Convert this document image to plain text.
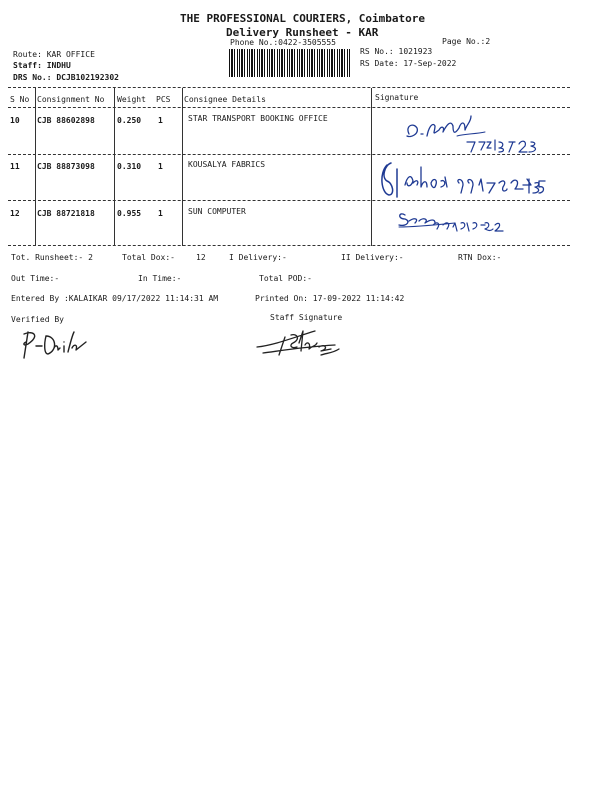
THE PROFESSIONAL COURIERS, Coimbatore
Delivery Runsheet - KAR
Phone No.:0422-3505555	Page No.:2
Route: KAR OFFICE
Staff: INDHU
DRS No.: DCJB102192302
RS No.: 1021923
RS Date: 17-Sep-2022
S No Consignment No Weight PCS Consignee Details	Signature
10 CJB 88602898	0.250 1	STAR TRANSPORT BOOKING OFFICE
11 CJB 88873098	0.310 1	KOUSALYA FABRICS
12 CJB 88721818	0.955 1	SUN COMPUTER
Tot. Runsheet:- 2	Total Dox:-	12	I Delivery:-	II Delivery:-	RTN Dox:-
Out Time:-	In Time:-	Total POD:-
Entered By :KALAIKAR 09/17/2022 11:14:31 AM	Printed On: 17-09-2022 11:14:42
Verified By	Staff Signature
